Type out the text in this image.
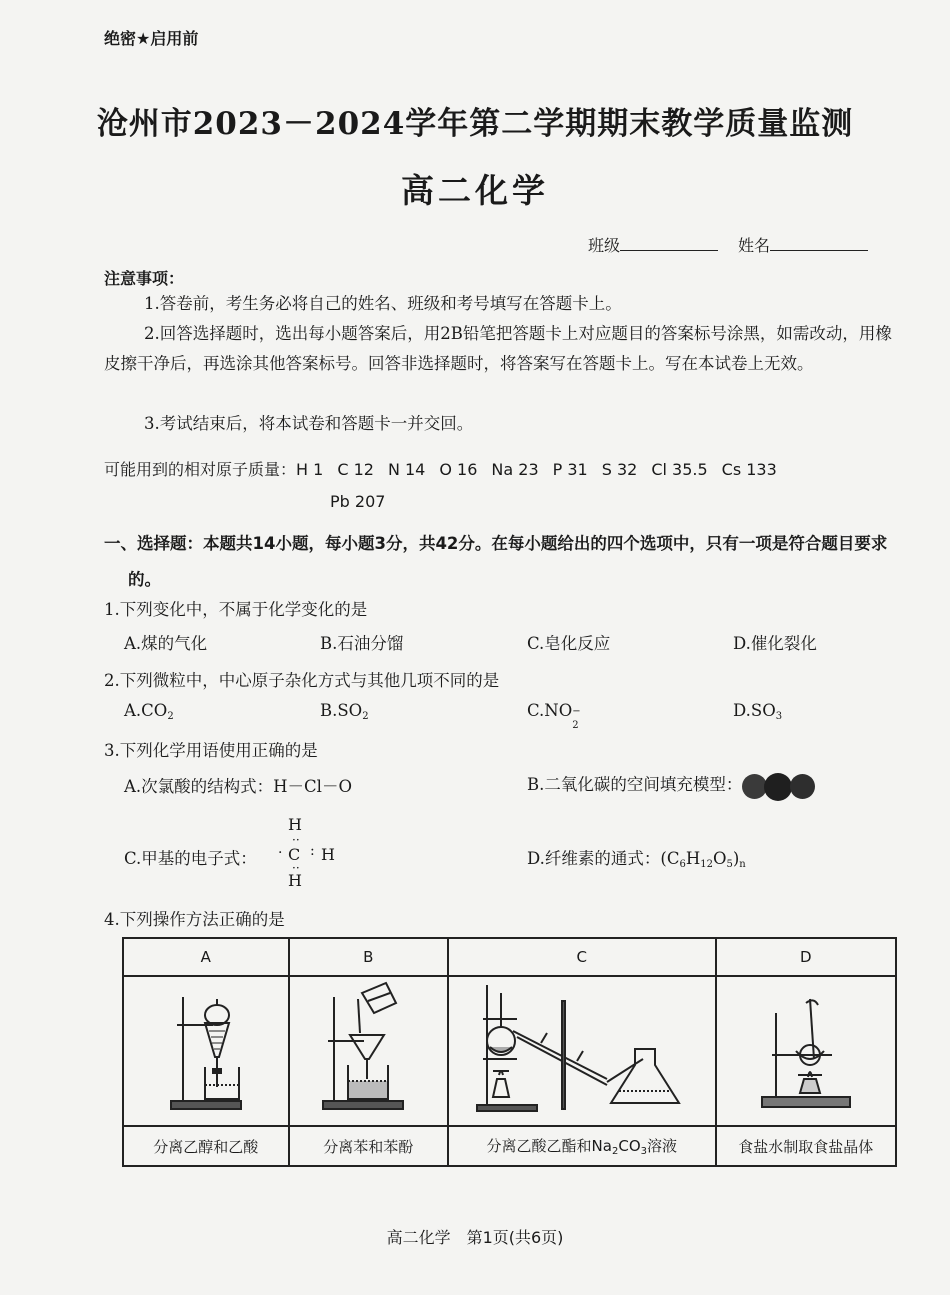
绝密★启用前
沧州市2023－2024学年第二学期期末教学质量监测
高二化学
班级	姓名
注意事项：
1.答卷前，考生务必将自己的姓名、班级和考号填写在答题卡上。
2.回答选择题时，选出每小题答案后，用2B铅笔把答题卡上对应题目的答案标号涂黑，如需改动，用橡皮擦干净后，再选涂其他答案标号。回答非选择题时，将答案写在答题卡上。写在本试卷上无效。
3.考试结束后，将本试卷和答题卡一并交回。
可能用到的相对原子质量：H 1 C 12 N 14 O 16 Na 23 P 31 S 32 Cl 35.5 Cs 133
Pb 207
一、选择题：本题共14小题，每小题3分，共42分。在每小题给出的四个选项中，只有一项是符合题目要求的。
1.下列变化中，不属于化学变化的是
A.煤的气化	B.石油分馏	C.皂化反应	D.催化裂化
2.下列微粒中，中心原子杂化方式与其他几项不同的是
$A.CO_2$	$B.SO_2$	C.NO −
2
$D.SO_3$
3.下列化学用语使用正确的是
A.次氯酸的结构式：H－Cl－O	B.二氧化碳的空间填充模型：
C.甲基的电子式：
H
··
· C : H
··
H
D.纤维素的通式：$(C_6H_{12}O_5)_n$
4.下列操作方法正确的是
A	B	C	D

分离乙醇和乙酸	分离苯和苯酚	分离乙酸乙酯和$Na_2CO_3$溶液	食盐水制取食盐晶体
高二化学　第1页(共6页)
